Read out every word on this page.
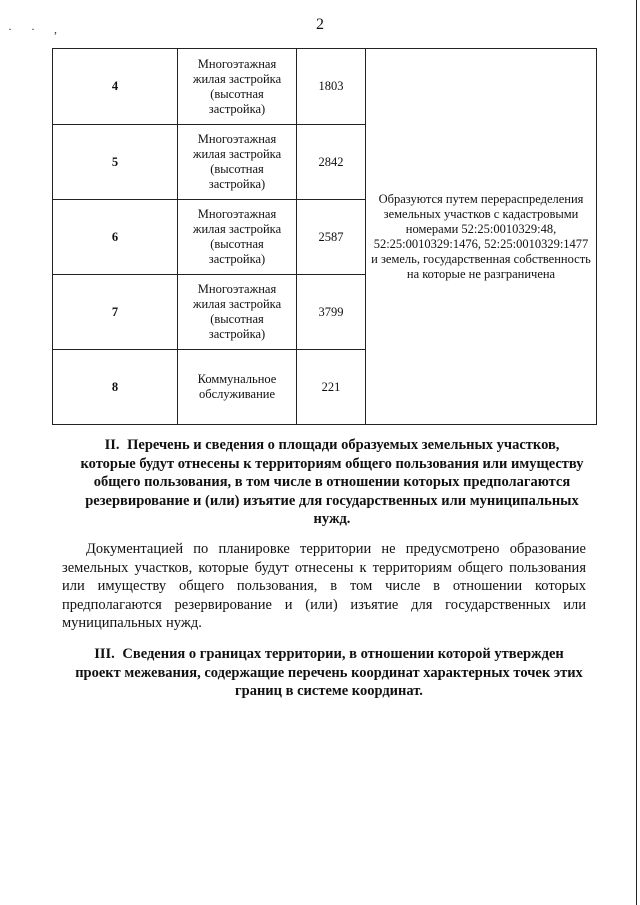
· · ,	2
4	Многоэтажная жилая застройка (высотная застройка)	1803	Образуются путем перераспределения земельных участков с кадастровыми номерами 52:25:0010329:48, 52:25:0010329:1476, 52:25:0010329:1477 и земель, государственная собственность на которые не разграничена
5	Многоэтажная жилая застройка (высотная застройка)	2842	
6	Многоэтажная жилая застройка (высотная застройка)	2587	
7	Многоэтажная жилая застройка (высотная застройка)	3799	
8	Коммунальное обслуживание	221	
II. Перечень и сведения о площади образуемых земельных участков, которые будут отнесены к территориям общего пользования или имуществу общего пользования, в том числе в отношении которых предполагаются резервирование и (или) изъятие для государственных или муниципальных нужд.

Документацией по планировке территории не предусмотрено образование земельных участков, которые будут отнесены к территориям общего пользования или имуществу общего пользования, в том числе в отношении которых предполагаются резервирование и (или) изъятие для государственных или муниципальных нужд.

III. Сведения о границах территории, в отношении которой утвержден проект межевания, содержащие перечень координат характерных точек этих границ в системе координат.
